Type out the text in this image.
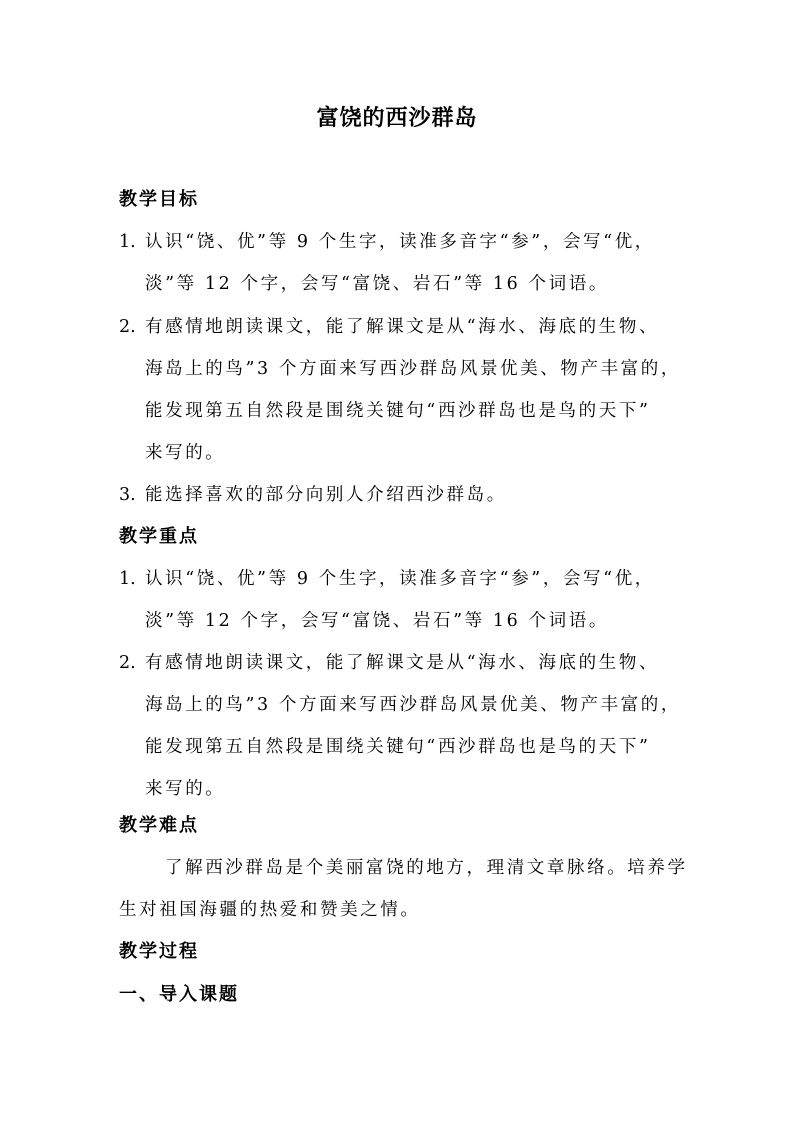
富饶的西沙群岛
教学目标
1. 认识“饶、优”等 9 个生字，读准多音字“参”，会写“优，
淡”等 12 个字，会写“富饶、岩石”等 16 个词语。
2. 有感情地朗读课文，能了解课文是从“海水、海底的生物、
海岛上的鸟”3 个方面来写西沙群岛风景优美、物产丰富的，
能发现第五自然段是围绕关键句“西沙群岛也是鸟的天下”
来写的。
3. 能选择喜欢的部分向别人介绍西沙群岛。
教学重点
1. 认识“饶、优”等 9 个生字，读准多音字“参”，会写“优，
淡”等 12 个字，会写“富饶、岩石”等 16 个词语。
2. 有感情地朗读课文，能了解课文是从“海水、海底的生物、
海岛上的鸟”3 个方面来写西沙群岛风景优美、物产丰富的，
能发现第五自然段是围绕关键句“西沙群岛也是鸟的天下”
来写的。
教学难点
了解西沙群岛是个美丽富饶的地方，理清文章脉络。培养学
生对祖国海疆的热爱和赞美之情。
教学过程
一、导入课题
